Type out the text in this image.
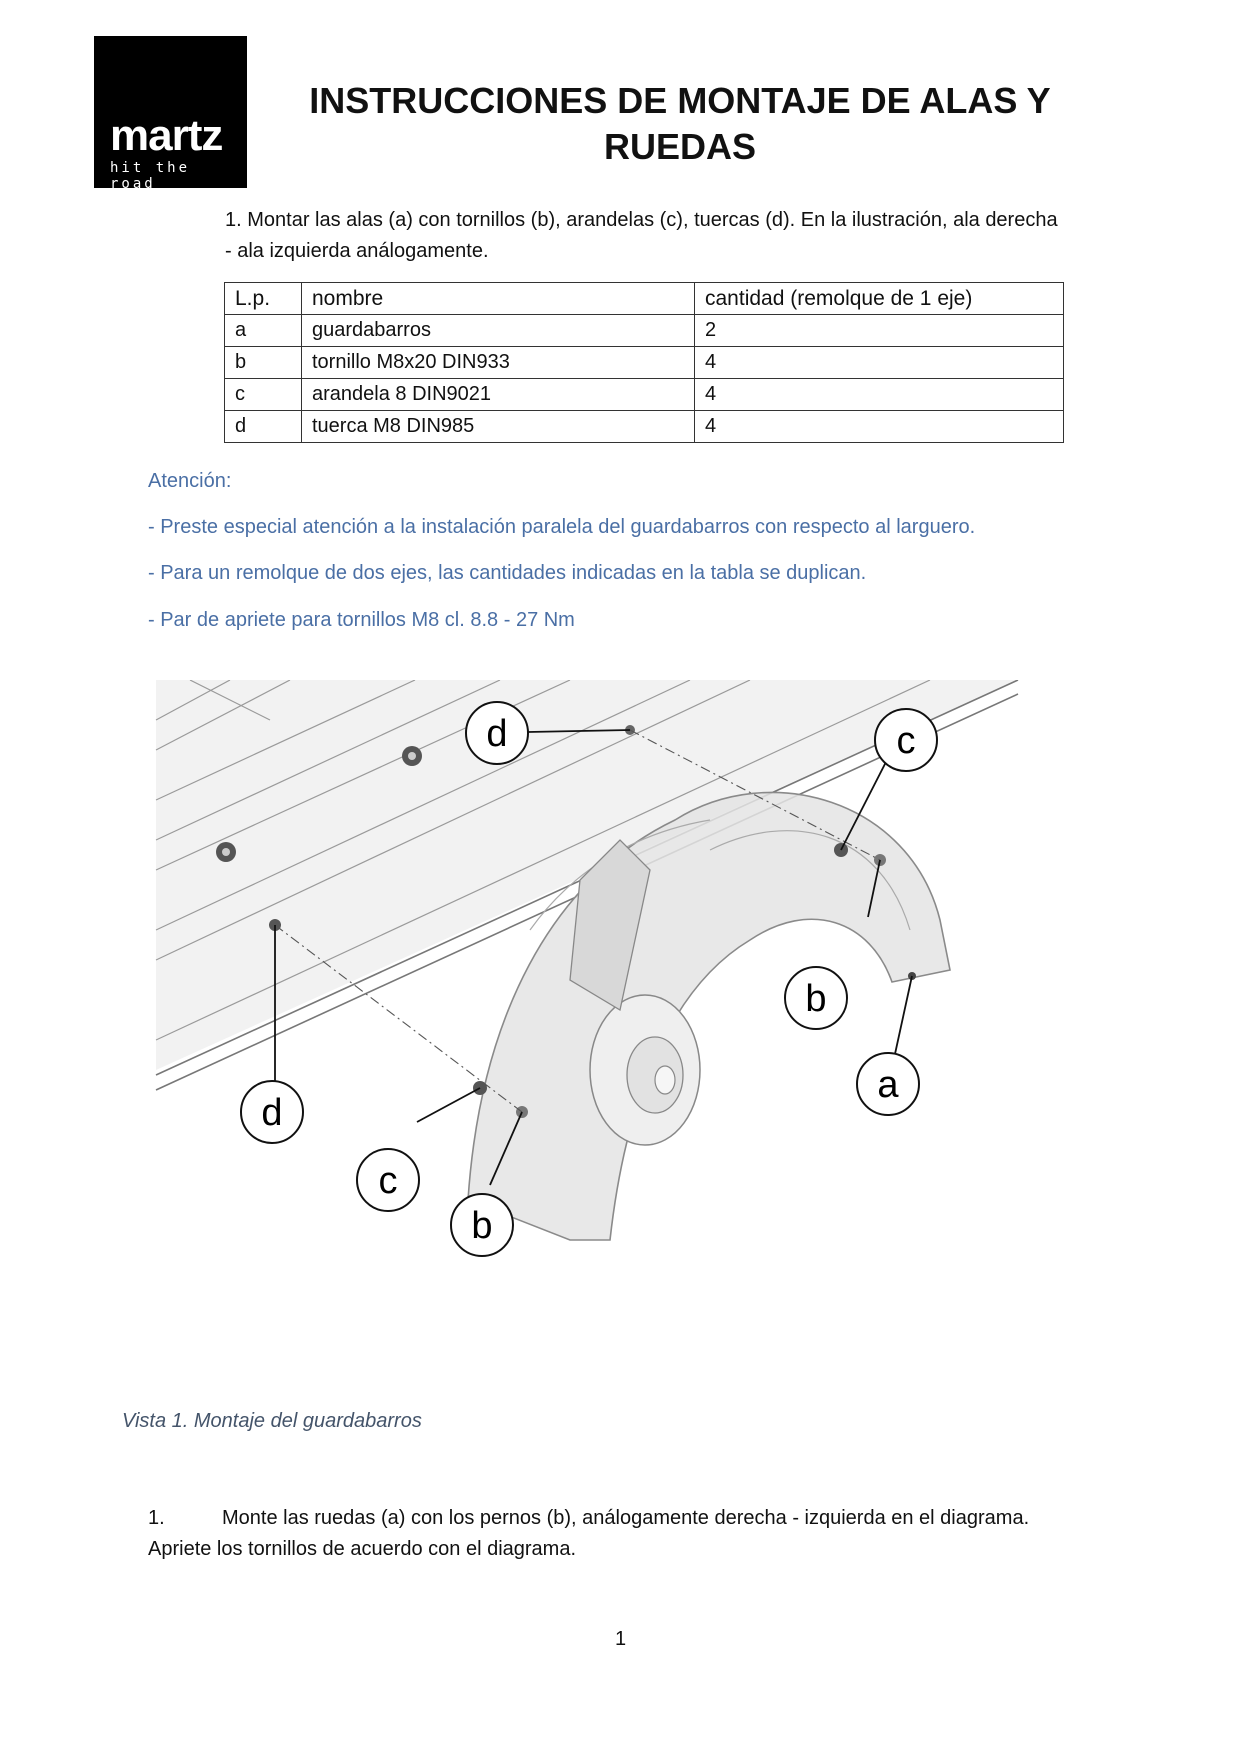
martz
hit the road
INSTRUCCIONES DE MONTAJE DE ALAS Y
RUEDAS
1. Montar las alas (a) con tornillos (b), arandelas (c), tuercas (d). En la ilustración, ala derecha
- ala izquierda análogamente.
L.p.	nombre	cantidad (remolque de 1 eje)
a	guardabarros	2
b	tornillo M8x20 DIN933	4
c	arandela 8 DIN9021	4
d	tuerca M8 DIN985	4
Atención:
- Preste especial atención a la instalación paralela del guardabarros con respecto al larguero.
- Para un remolque de dos ejes, las cantidades indicadas en la tabla se duplican.
- Par de apriete para tornillos M8 cl. 8.8 - 27 Nm
d	c
b
a
d
c
b
Vista 1. Montaje del guardabarros
1.	Monte las ruedas (a) con los pernos (b), análogamente derecha - izquierda en el diagrama.
Apriete los tornillos de acuerdo con el diagrama.
1
